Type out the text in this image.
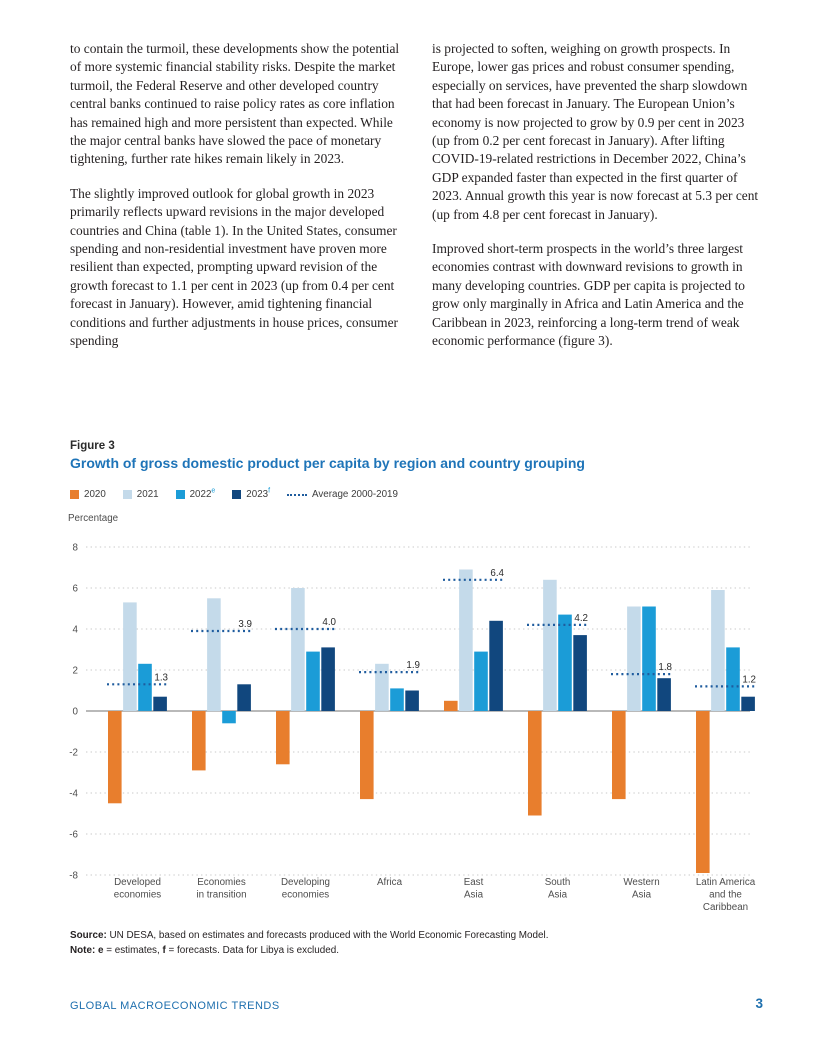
to contain the turmoil, these developments show the potential of more systemic financial stability risks. Despite the market turmoil, the Federal Reserve and other developed country central banks continued to raise policy rates as core inflation has remained high and more persistent than expected. While the major central banks have slowed the pace of monetary tightening, further rate hikes remain likely in 2023.

The slightly improved outlook for global growth in 2023 primarily reflects upward revisions in the major developed countries and China (table 1). In the United States, consumer spending and non-residential investment have proven more resilient than expected, prompting upward revision of the growth forecast to 1.1 per cent in 2023 (up from 0.4 per cent forecast in January). However, amid tightening financial conditions and further adjustments in house prices, consumer spending

is projected to soften, weighing on growth prospects. In Europe, lower gas prices and robust consumer spending, especially on services, have prevented the sharp slowdown that had been forecast in January. The European Union’s economy is now projected to grow by 0.9 per cent in 2023 (up from 0.2 per cent forecast in January). After lifting COVID-19-related restrictions in December 2022, China’s GDP expanded faster than expected in the first quarter of 2023. Annual growth this year is now forecast at 5.3 per cent (up from 4.8 per cent forecast in January).

Improved short-term prospects in the world’s three largest economies contrast with downward revisions to growth in many developing countries. GDP per capita is projected to grow only marginally in Africa and Latin America and the Caribbean in 2023, reinforcing a long-term trend of weak economic performance (figure 3).

Figure 3
Growth of gross domestic product per capita by region and country grouping
2020	2021	2022e	2023$^f$	Average 2000-2019
Percentage
8
6
4
2
0
-2
-4
-6
-8
1.3
Developed economies
3.9
Economies in transition
4.0
Developing economies
1.9
Africa
6.4
East Asia
4.2
South Asia
1.8
Western Asia
1.2
Latin America and the Caribbean
Source: UN DESA, based on estimates and forecasts produced with the World Economic Forecasting Model.
Note: e = estimates, f = forecasts. Data for Libya is excluded.
GLOBAL MACROECONOMIC TRENDS	3
